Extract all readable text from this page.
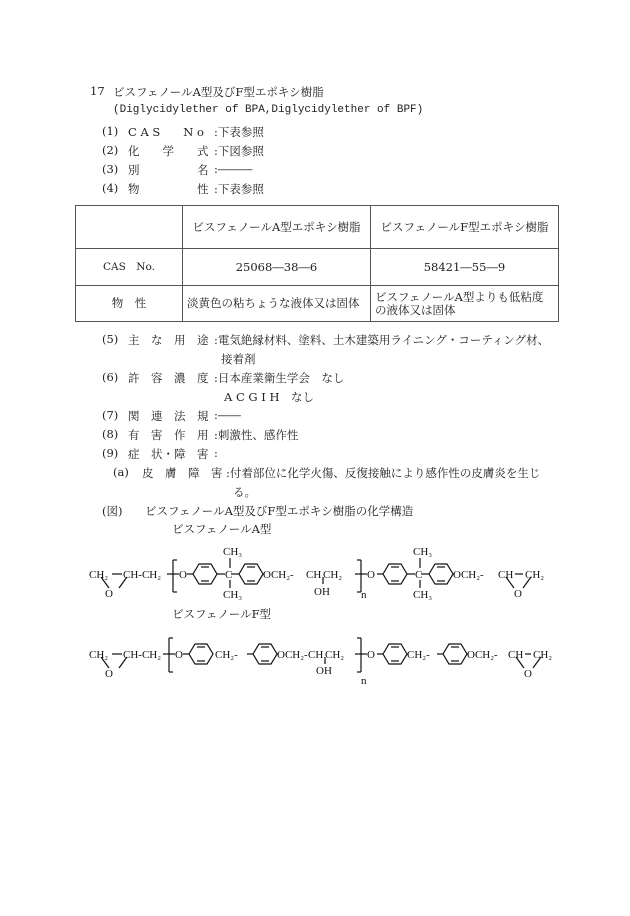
17 ビスフェノールA型及びF型エポキシ樹脂
(Diglycidylether of BPA,Diglycidylether of BPF)
(1) C A S　　N o :下表参照
(2) 化　　学　　式 :下図参照
(3) 別　　　　　名 :―――
(4) 物　　　　　性 :下表参照
	ビスフェノールA型エポキシ樹脂	ビスフェノールF型エポキシ樹脂
CAS　No.	25068―38―6	58421―55―9
物　性	淡黄色の粘ちょうな液体又は固体	ビスフェノールA型よりも低粘度の液体又は固体
(5) 主　な　用　途 :電気絶縁材料、塗料、土木建築用ライニング・コーティング材、
接着剤
(6) 許　容　濃　度 :日本産業衛生学会　なし
A C G I H　なし
(7) 関　連　法　規 :――
(8) 有　害　作　用 :刺激性、感作性
(9) 症　状・障　害 :
(a) 皮　膚　障　害 :付着部位に化学火傷、反復接触により感作性の皮膚炎を生じ
る。
(図) ビスフェノールA型及びF型エポキシ樹脂の化学構造
ビスフェノールA型
ビスフェノールF型
CH₂ CH-CH₂
O
O	C
CH₃
CH₃
OCH₂- CH CH₂
OH	n
O	C
CH₃
CH₃
OCH₂- CH CH₂
O
CH₂ CH-CH₂
O
O	CH₂-	OCH₂- CH CH₂
OH
n
O	CH₂-	OCH₂- CH CH₂
O
